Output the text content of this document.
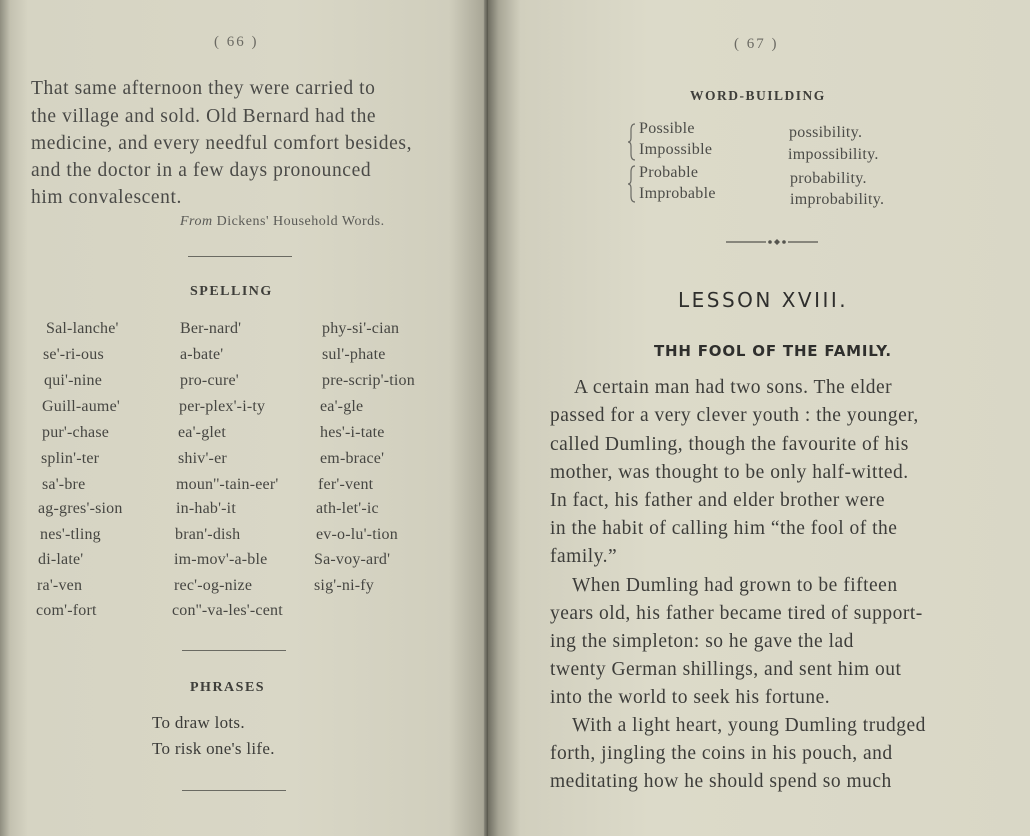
( 66 )
That same afternoon they were carried to
the village and sold. Old Bernard had the
medicine, and every needful comfort besides,
and the doctor in a few days pronounced
him convalescent.
From Dickens' Household Words.
SPELLING
Sal-lanche'
se'-ri-ous
qui'-nine
Guill-aume'
pur'-chase
splin'-ter
sa'-bre
ag-gres'-sion
nes'-tling
di-late'
ra'-ven
com'-fort
Ber-nard'
a-bate'
pro-cure'
per-plex'-i-ty
ea'-glet
shiv'-er
moun''-tain-eer'
in-hab'-it
bran'-dish
im-mov'-a-ble
rec'-og-nize
con''-va-les'-cent
phy-si'-cian
sul'-phate
pre-scrip'-tion
ea'-gle
hes'-i-tate
em-brace'
fer'-vent
ath-let'-ic
ev-o-lu'-tion
Sa-voy-ard'
sig'-ni-fy
PHRASES
To draw lots.
To risk one's life.
( 67 )
WORD-BUILDING
Possible
Impossible
Probable
Improbable
possibility.
impossibility.
probability.
improbability.
LESSON XVIII.
THH FOOL OF THE FAMILY.
A certain man had two sons. The elder
passed for a very clever youth : the younger,
called Dumling, though the favourite of his
mother, was thought to be only half-witted.
In fact, his father and elder brother were
in the habit of calling him “the fool of the
family.”
When Dumling had grown to be fifteen
years old, his father became tired of support-
ing the simpleton: so he gave the lad
twenty German shillings, and sent him out
into the world to seek his fortune.
With a light heart, young Dumling trudged
forth, jingling the coins in his pouch, and
meditating how he should spend so much
